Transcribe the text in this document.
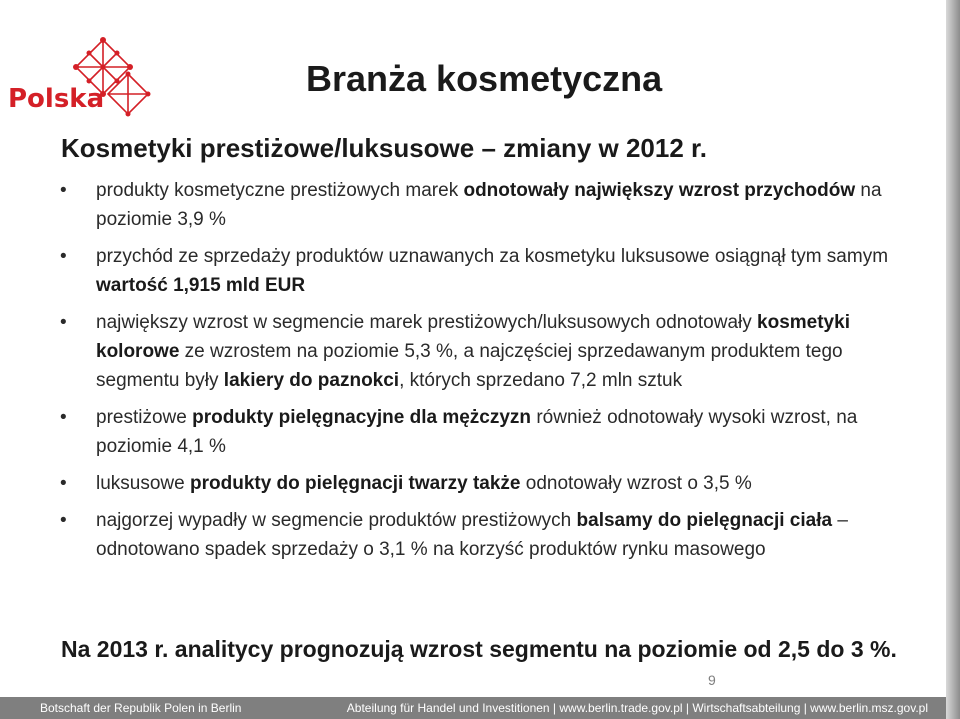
Polska	Branża kosmetyczna
Kosmetyki prestiżowe/luksusowe – zmiany w 2012 r.
• produkty kosmetyczne prestiżowych marek odnotowały największy wzrost przychodów na poziomie 3,9 %
• przychód ze sprzedaży produktów uznawanych za kosmetyku luksusowe osiągnął tym samym wartość 1,915 mld EUR
• największy wzrost w segmencie marek prestiżowych/luksusowych odnotowały kosmetyki kolorowe ze wzrostem na poziomie 5,3 %, a najczęściej sprzedawanym produktem tego segmentu były lakiery do paznokci, których sprzedano 7,2 mln sztuk
• prestiżowe produkty pielęgnacyjne dla mężczyzn również odnotowały wysoki wzrost, na poziomie 4,1 %
• luksusowe produkty do pielęgnacji twarzy także odnotowały wzrost o 3,5 %
• najgorzej wypadły w segmencie produktów prestiżowych balsamy do pielęgnacji ciała – odnotowano spadek sprzedaży o 3,1 % na korzyść produktów rynku masowego

Na 2013 r. analitycy prognozują wzrost segmentu na poziomie od 2,5 do 3 %.

9
Botschaft der Republik Polen in Berlin	Abteilung für Handel und Investitionen | www.berlin.trade.gov.pl | Wirtschaftsabteilung | www.berlin.msz.gov.pl
